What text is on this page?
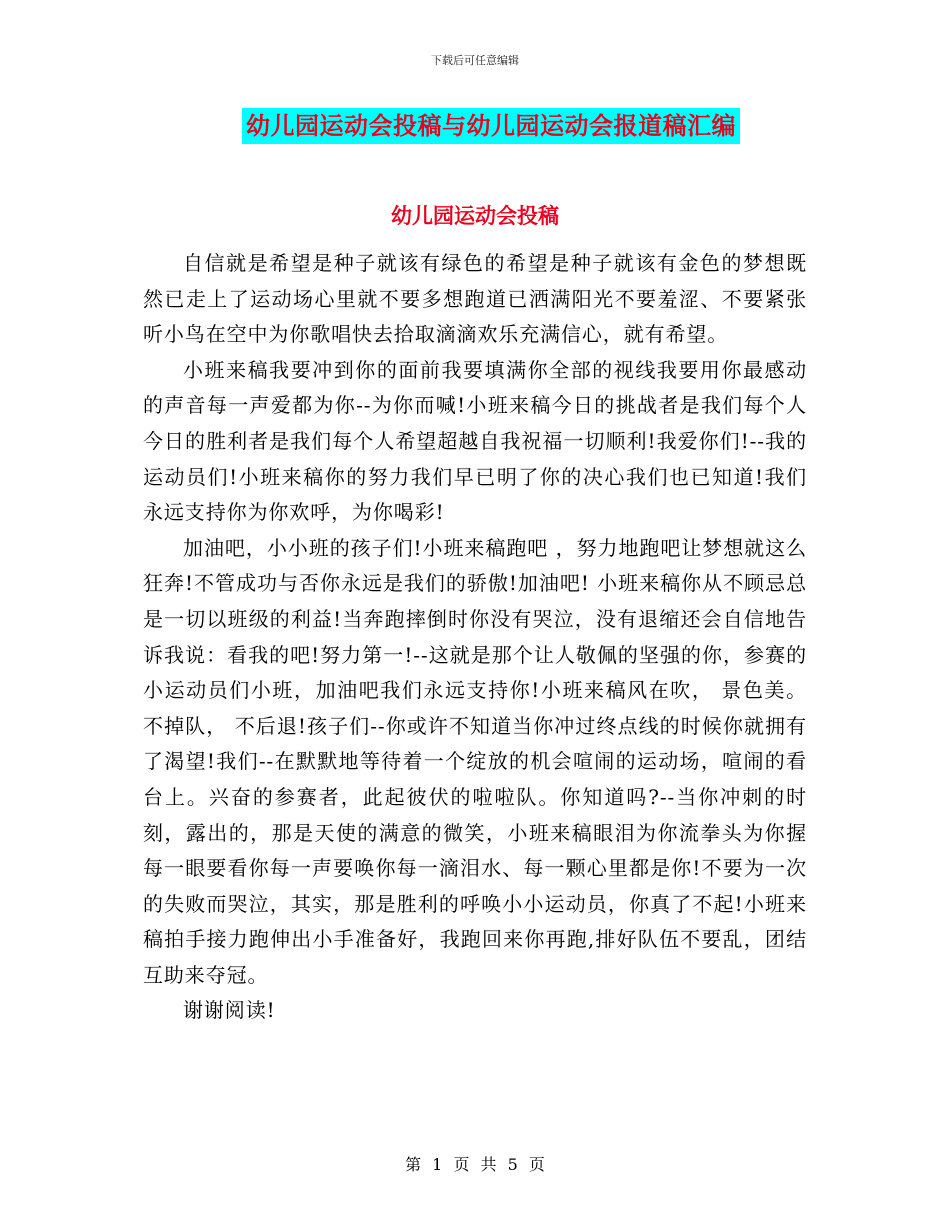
下载后可任意编辑
幼儿园运动会投稿与幼儿园运动会报道稿汇编
幼儿园运动会投稿

自信就是希望是种子就该有绿色的希望是种子就该有金色的梦想既然已走上了运动场心里就不要多想跑道已洒满阳光不要羞涩、不要紧张听小鸟在空中为你歌唱快去拾取滴滴欢乐充满信心，就有希望。

小班来稿我要冲到你的面前我要填满你全部的视线我要用你最感动的声音每一声爱都为你--为你而喊!小班来稿今日的挑战者是我们每个人今日的胜利者是我们每个人希望超越自我祝福一切顺利!我爱你们!--我的运动员们!小班来稿你的努力我们早已明了你的决心我们也已知道!我们永远支持你为你欢呼，为你喝彩!

加油吧，小小班的孩子们!小班来稿跑吧 ，努力地跑吧让梦想就这么狂奔!不管成功与否你永远是我们的骄傲!加油吧! 小班来稿你从不顾忌总是一切以班级的利益!当奔跑摔倒时你没有哭泣，没有退缩还会自信地告诉我说：看我的吧!努力第一!--这就是那个让人敬佩的坚强的你，参赛的小运动员们小班，加油吧我们永远支持你!小班来稿风在吹， 景色美。不掉队， 不后退!孩子们--你或许不知道当你冲过终点线的时候你就拥有了渴望!我们--在默默地等待着一个绽放的机会喧闹的运动场，喧闹的看台上。兴奋的参赛者，此起彼伏的啦啦队。你知道吗?--当你冲刺的时刻，露出的，那是天使的满意的微笑，小班来稿眼泪为你流拳头为你握每一眼要看你每一声要唤你每一滴泪水、每一颗心里都是你!不要为一次的失败而哭泣，其实，那是胜利的呼唤小小运动员，你真了不起!小班来稿拍手接力跑伸出小手准备好，我跑回来你再跑,排好队伍不要乱，团结互助来夺冠。

谢谢阅读!

第 1 页 共 5 页
